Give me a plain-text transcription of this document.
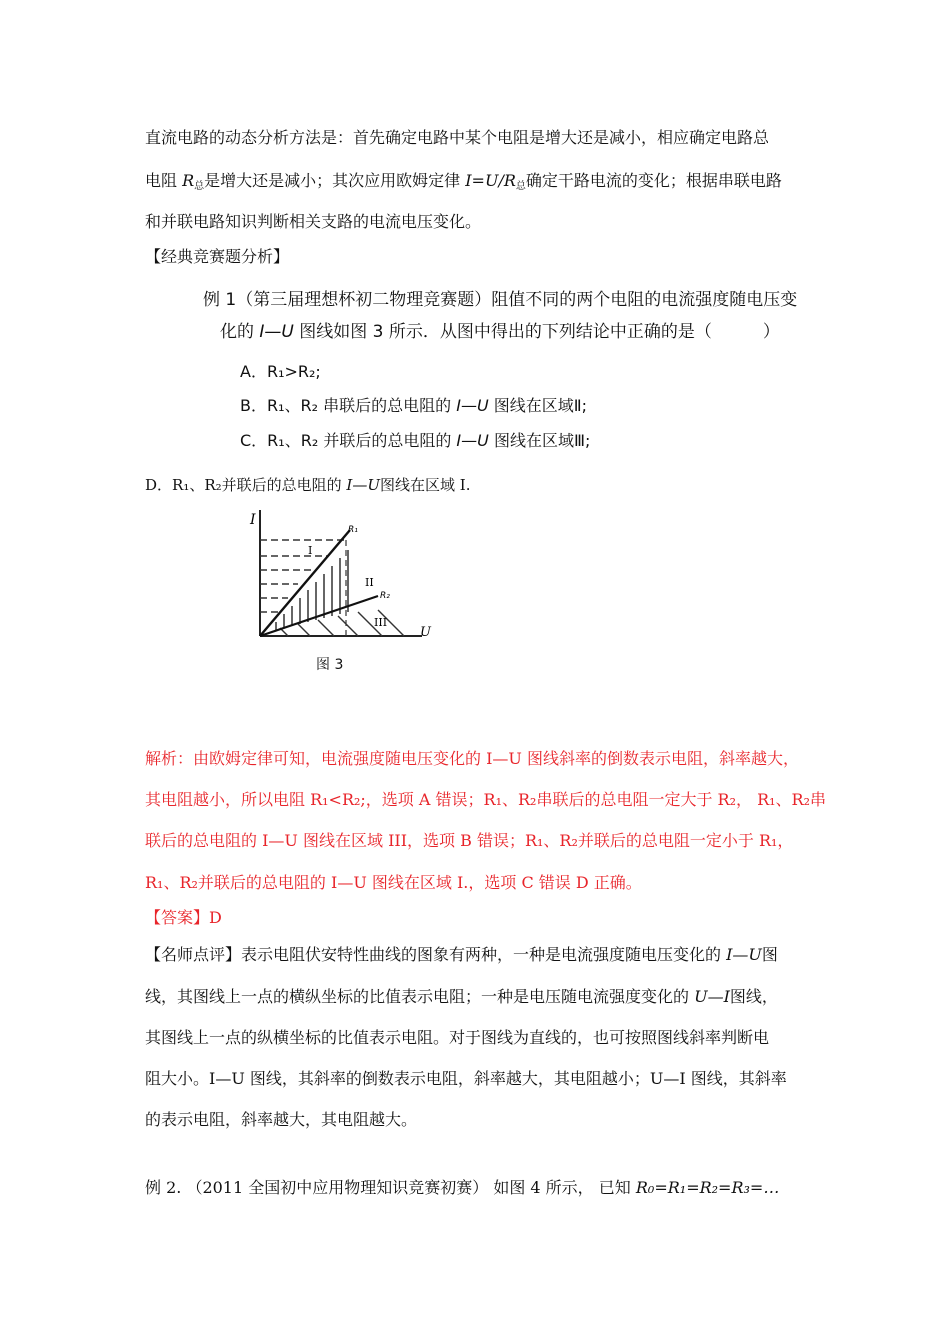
直流电路的动态分析方法是：首先确定电路中某个电阻是增大还是减小，相应确定电路总
电阻 $R_总$是增大还是减小；其次应用欧姆定律 $I=U/R_总$确定干路电流的变化；根据串联电路
和并联电路知识判断相关支路的电流电压变化。
【经典竞赛题分析】
例 1（第三届理想杯初二物理竞赛题）阻值不同的两个电阻的电流强度随电压变
化的 I—U 图线如图 3 所示．从图中得出的下列结论中正确的是（　　　）
A．R₁>R₂;
B．R₁、R₂ 串联后的总电阻的 I—U 图线在区域Ⅱ;
C．R₁、R₂ 并联后的总电阻的 I—U 图线在区域Ⅲ;
D．R₁、R₂并联后的总电阻的 I—U图线在区域 I.
I
U
R₁
R₂
I
II
III
图 3
解析：由欧姆定律可知，电流强度随电压变化的 I—U 图线斜率的倒数表示电阻，斜率越大，
其电阻越小，所以电阻 R₁<R₂;，选项 A 错误；R₁、R₂串联后的总电阻一定大于 R₂， R₁、R₂串
联后的总电阻的 I—U 图线在区域 III，选项 B 错误；R₁、R₂并联后的总电阻一定小于 R₁，
R₁、R₂并联后的总电阻的 I—U 图线在区域 I.，选项 C 错误 D 正确。
【答案】D
【名师点评】表示电阻伏安特性曲线的图象有两种，一种是电流强度随电压变化的 I—U图
线，其图线上一点的横纵坐标的比值表示电阻；一种是电压随电流强度变化的 U—I图线，
其图线上一点的纵横坐标的比值表示电阻。对于图线为直线的，也可按照图线斜率判断电
阻大小。I—U 图线，其斜率的倒数表示电阻，斜率越大，其电阻越小；U—I 图线，其斜率
的表示电阻，斜率越大，其电阻越大。
例 2. （2011 全国初中应用物理知识竞赛初赛） 如图 4 所示， 已知 R₀=R₁=R₂=R₃=…
